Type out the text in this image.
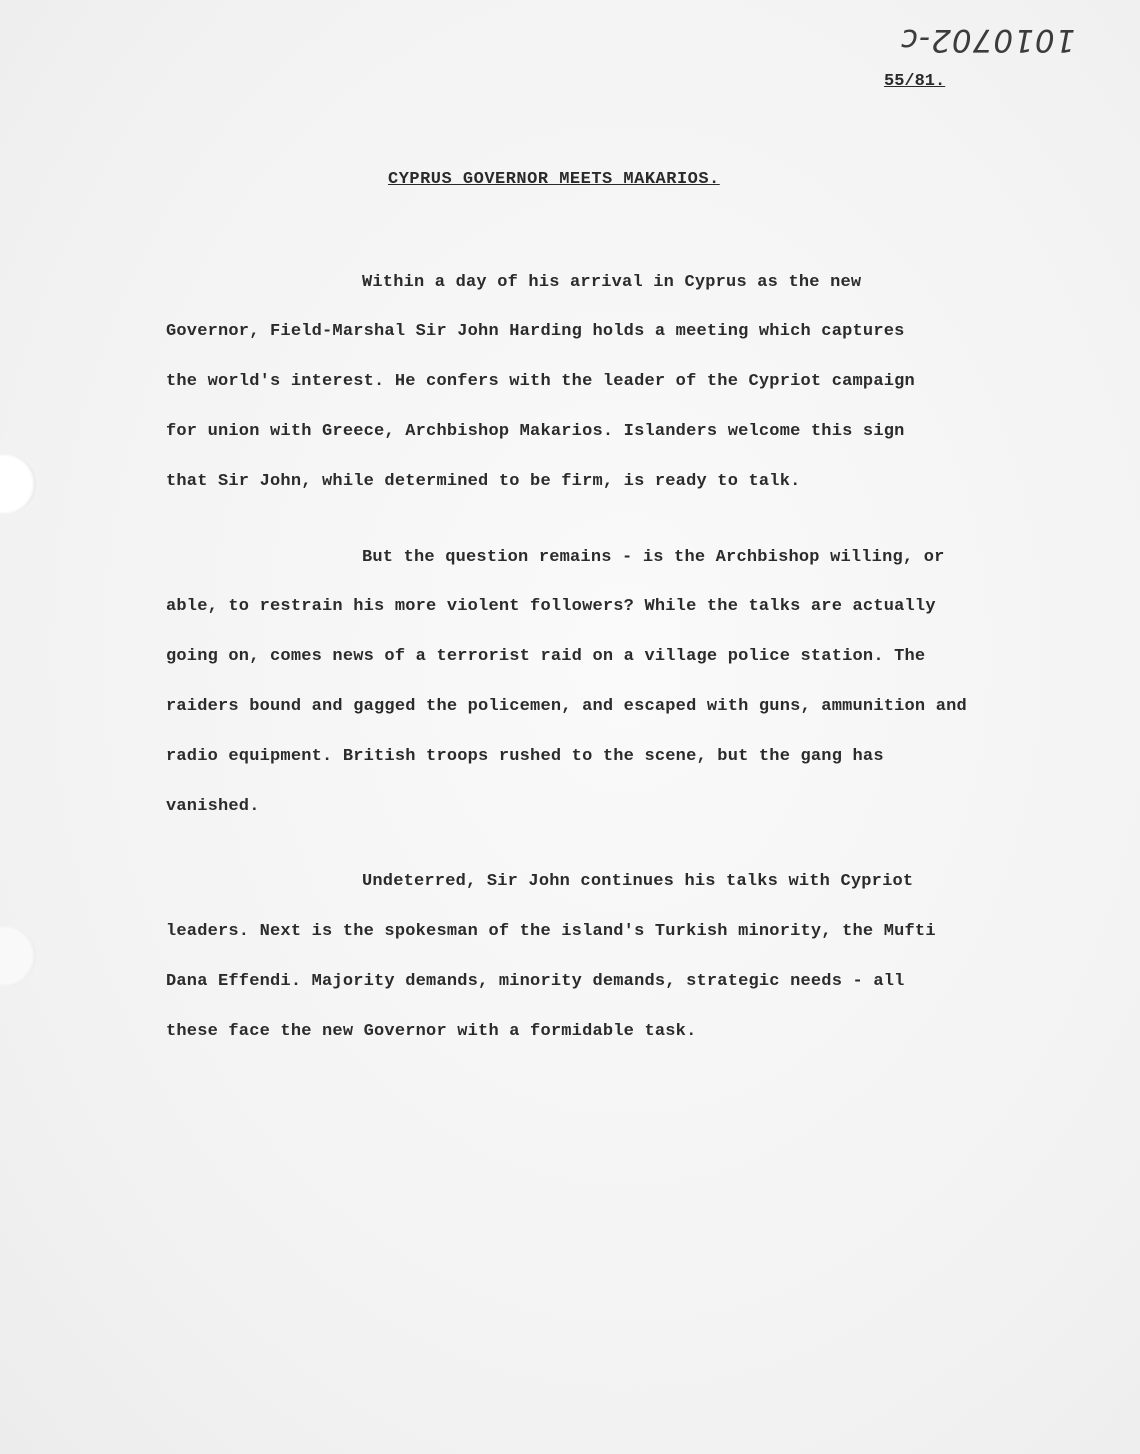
1010702-c
55/81.
CYPRUS GOVERNOR MEETS MAKARIOS.
Within a day of his arrival in Cyprus as the new
Governor, Field-Marshal Sir John Harding holds a meeting which captures
the world's interest. He confers with the leader of the Cypriot campaign
for union with Greece, Archbishop Makarios. Islanders welcome this sign
that Sir John, while determined to be firm, is ready to talk.
But the question remains - is the Archbishop willing, or
able, to restrain his more violent followers? While the talks are actually
going on, comes news of a terrorist raid on a village police station. The
raiders bound and gagged the policemen, and escaped with guns, ammunition and
radio equipment. British troops rushed to the scene, but the gang has
vanished.
Undeterred, Sir John continues his talks with Cypriot
leaders. Next is the spokesman of the island's Turkish minority, the Mufti
Dana Effendi. Majority demands, minority demands, strategic needs - all
these face the new Governor with a formidable task.
